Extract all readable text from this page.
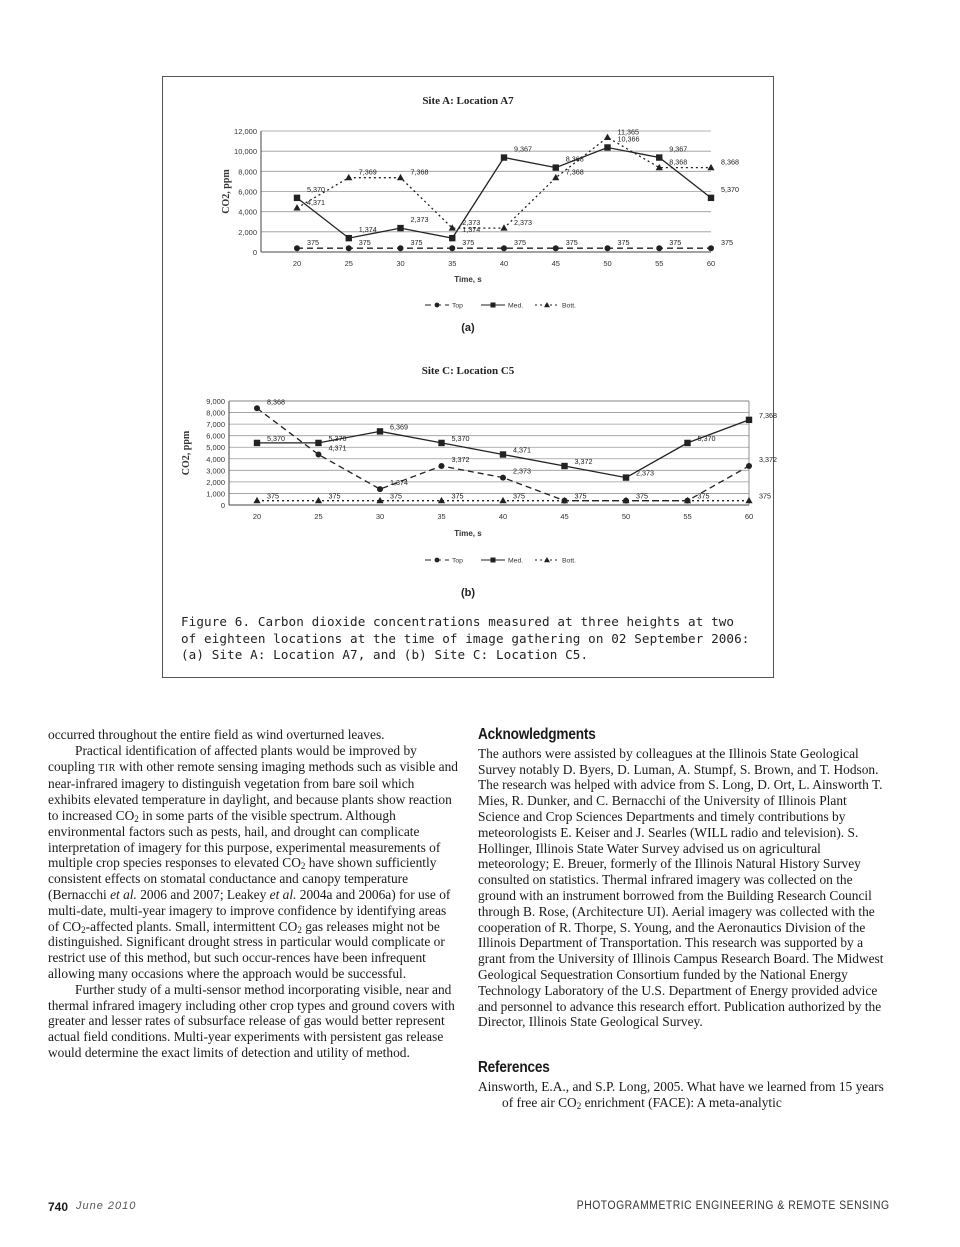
Site A: Location A7
0
2,000
4,000
6,000
8,000
10,000
12,000
20	25	30	35	40	45	50	55	60
Time, s
CO2, ppm
375	375	375	375	375	375	375	375	375
5,370
1,374
2,373
1,374
9,367
8,368
10,366
9,367
5,370
4,371
7,369	7,368
2,373	2,373
7,368
11,365
8,368	8,368
Top	Med.	Bott.
(a)
Site C: Location C5
0
1,000
2,000
3,000
4,000
5,000
6,000
7,000
8,000
9,000
20	25	30	35	40	45	50	55	60
Time, s
CO2, ppm
8,368
4,371
1,374
3,372
2,373
3,372
5,370	5,370
6,369
5,370
4,371
3,372
2,373
5,370
7,368
375	375	375	375	375	375	375	375	375
Top	Med.	Bott.
(b)
Figure 6. Carbon dioxide concentrations measured at three heights at two of eighteen locations at the time of image gathering on 02 September 2006: (a) Site A: Location A7, and (b) Site C: Location C5.

occurred throughout the entire field as wind overturned leaves.

Practical identification of affected plants would be improved by coupling TIR with other remote sensing imaging methods such as visible and near-infrared imagery to distinguish vegetation from bare soil which exhibits elevated temperature in daylight, and because plants show reaction to increased $CO_2$ in some parts of the visible spectrum. Although environmental factors such as pests, hail, and drought can complicate interpretation of imagery for this purpose, experimental measurements of multiple crop species responses to elevated $CO_2$ have shown sufficiently consistent effects on stomatal conductance and canopy temperature (Bernacchi et al. 2006 and 2007; Leakey et al. 2004a and 2006a) for use of multi-date, multi-year imagery to improve confidence by identifying areas of $CO_2$-affected plants. Small, intermittent $CO_2$ gas releases might not be distinguished. Significant drought stress in particular would complicate or restrict use of this method, but such occur-rences have been infrequent allowing many occasions where the approach would be successful.

Further study of a multi-sensor method incorporating visible, near and thermal infrared imagery including other crop types and ground covers with greater and lesser rates of subsurface release of gas would better represent actual field conditions. Multi-year experiments with persistent gas release would determine the exact limits of detection and utility of method.

Acknowledgments

The authors were assisted by colleagues at the Illinois State Geological Survey notably D. Byers, D. Luman, A. Stumpf, S. Brown, and T. Hodson. The research was helped with advice from S. Long, D. Ort, L. Ainsworth T. Mies, R. Dunker, and C. Bernacchi of the University of Illinois Plant Science and Crop Sciences Departments and timely contributions by meteorologists E. Keiser and J. Searles (WILL radio and television). S. Hollinger, Illinois State Water Survey advised us on agricultural meteorology; E. Breuer, formerly of the Illinois Natural History Survey consulted on statistics. Thermal infrared imagery was collected on the ground with an instrument borrowed from the Building Research Council through B. Rose, (Architecture UI). Aerial imagery was collected with the cooperation of R. Thorpe, S. Young, and the Aeronautics Division of the Illinois Department of Transportation. This research was supported by a grant from the University of Illinois Campus Research Board. The Midwest Geological Sequestration Consortium funded by the National Energy Technology Laboratory of the U.S. Department of Energy provided advice and personnel to advance this research effort. Publication authorized by the Director, Illinois State Geological Survey.

References

Ainsworth, E.A., and S.P. Long, 2005. What have we learned from 15 years of free air $CO_2$ enrichment (FACE): A meta-analytic

740 June 2010	PHOTOGRAMMETRIC ENGINEERING & REMOTE SENSING
